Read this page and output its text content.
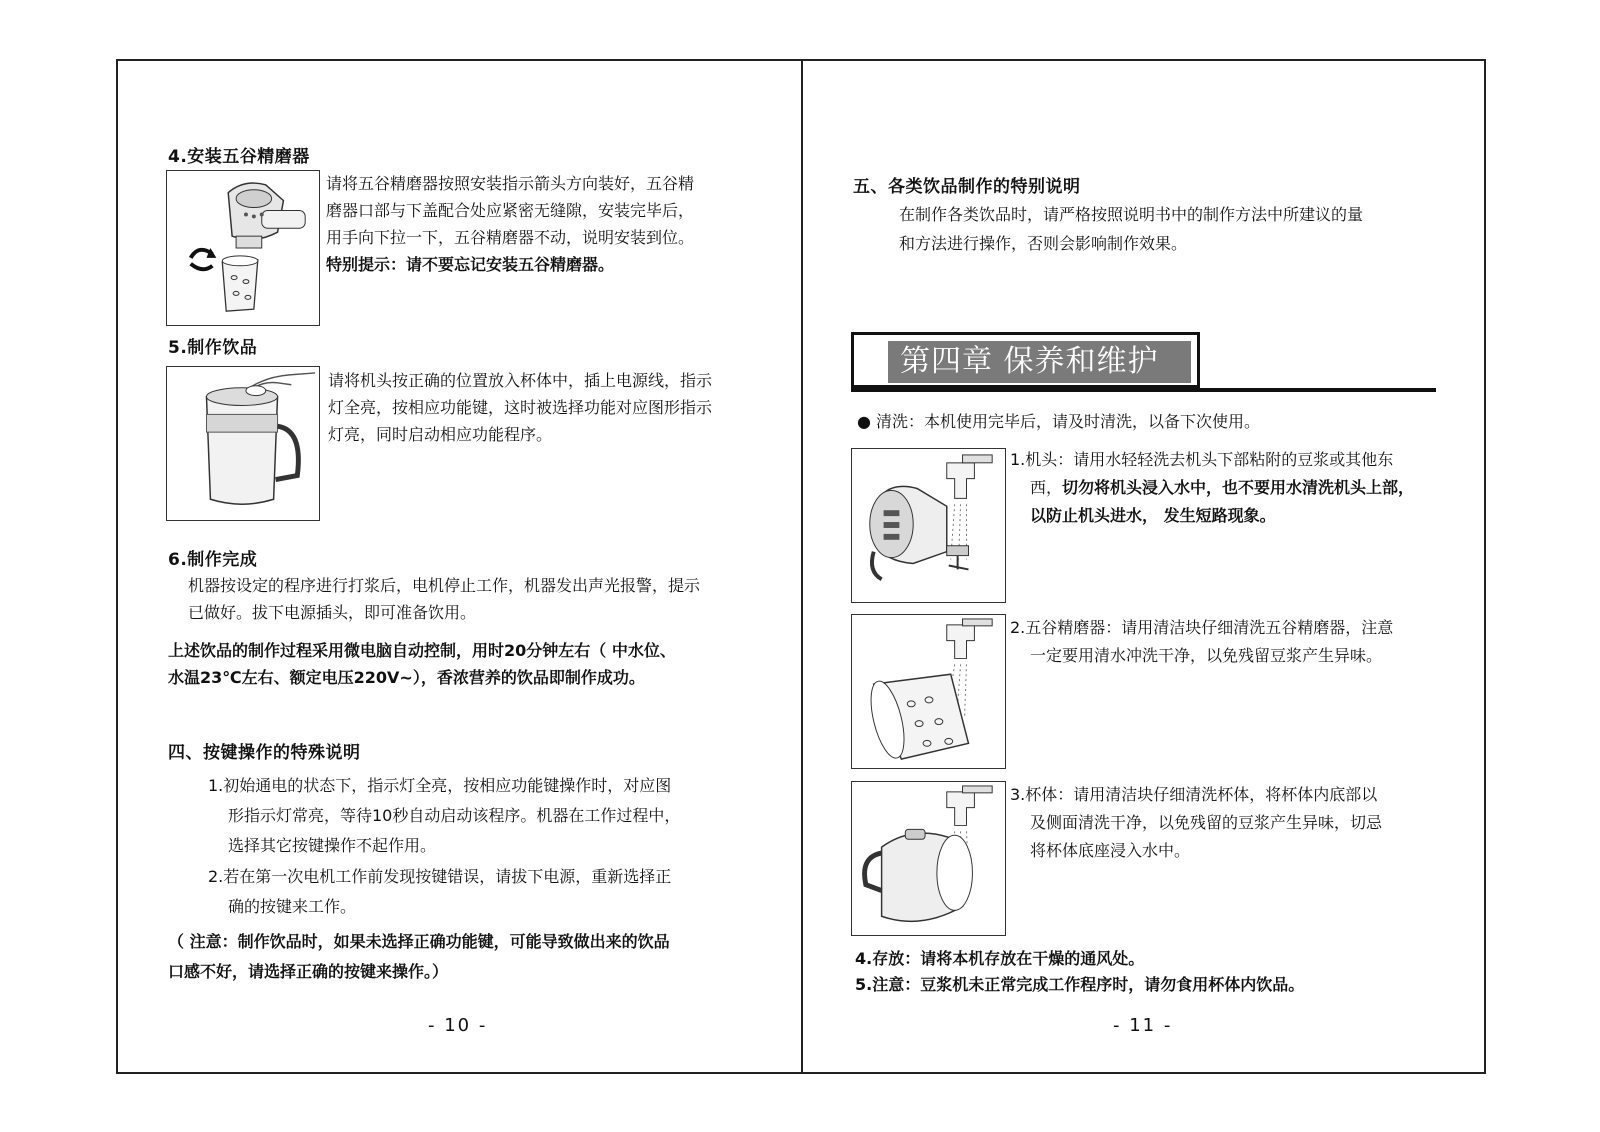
4.安装五谷精磨器
请将五谷精磨器按照安装指示箭头方向装好，五谷精
磨器口部与下盖配合处应紧密无缝隙，安装完毕后，
用手向下拉一下，五谷精磨器不动，说明安装到位。
特别提示：请不要忘记安装五谷精磨器。
5.制作饮品
请将机头按正确的位置放入杯体中，插上电源线，指示
灯全亮，按相应功能键，这时被选择功能对应图形指示
灯亮，同时启动相应功能程序。
6.制作完成
机器按设定的程序进行打浆后，电机停止工作，机器发出声光报警，提示
已做好。拔下电源插头，即可准备饮用。
上述饮品的制作过程采用微电脑自动控制，用时20分钟左右（ 中水位、
水温23℃左右、额定电压220V~），香浓营养的饮品即制作成功。
四、按键操作的特殊说明
1.初始通电的状态下，指示灯全亮，按相应功能键操作时，对应图
形指示灯常亮，等待10秒自动启动该程序。机器在工作过程中，
选择其它按键操作不起作用。
2.若在第一次电机工作前发现按键错误，请拔下电源，重新选择正
确的按键来工作。
（ 注意：制作饮品时，如果未选择正确功能键，可能导致做出来的饮品
口感不好，请选择正确的按键来操作。）
- 10 -
五、各类饮品制作的特别说明
在制作各类饮品时，请严格按照说明书中的制作方法中所建议的量
和方法进行操作，否则会影响制作效果。
第四章 保养和维护
● 清洗：本机使用完毕后，请及时清洗，以备下次使用。
1.机头：请用水轻轻洗去机头下部粘附的豆浆或其他东
西，切勿将机头浸入水中，也不要用水清洗机头上部，
以防止机头进水， 发生短路现象。
2.五谷精磨器：请用清洁块仔细清洗五谷精磨器，注意
一定要用清水冲洗干净，以免残留豆浆产生异味。
3.杯体：请用清洁块仔细清洗杯体，将杯体内底部以
及侧面清洗干净，以免残留的豆浆产生异味，切忌
将杯体底座浸入水中。
4.存放：请将本机存放在干燥的通风处。
5.注意：豆浆机未正常完成工作程序时，请勿食用杯体内饮品。
- 11 -
